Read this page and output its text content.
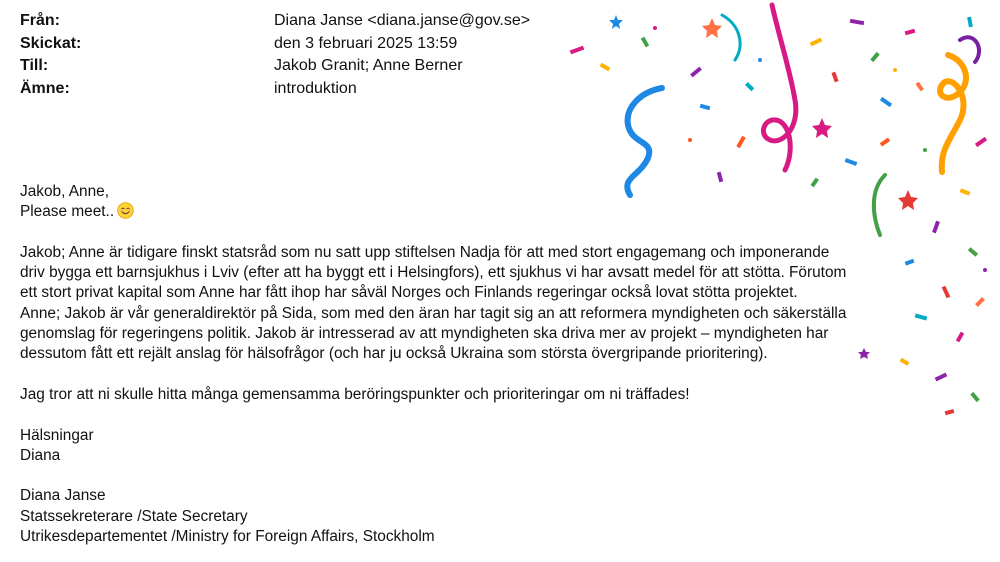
Från:	Diana Janse <diana.janse@gov.se>
Skickat:	den 3 februari 2025 13:59
Till:	Jakob Granit; Anne Berner
Ämne:	introduktion

Jakob, Anne,

Please meet..

Jakob; Anne är tidigare finskt statsråd som nu satt upp stiftelsen Nadja för att med stort engagemang och imponerande

driv bygga ett barnsjukhus i Lviv (efter att ha byggt ett i Helsingfors), ett sjukhus vi har avsatt medel för att stötta. Förutom

ett stort privat kapital som Anne har fått ihop har såväl Norges och Finlands regeringar också lovat stötta projektet.

Anne; Jakob är vår generaldirektör på Sida, som med den äran har tagit sig an att reformera myndigheten och säkerställa

genomslag för regeringens politik. Jakob är intresserad av att myndigheten ska driva mer av projekt – myndigheten har

dessutom fått ett rejält anslag för hälsofrågor (och har ju också Ukraina som största övergripande prioritering).

Jag tror att ni skulle hitta många gemensamma beröringspunkter och prioriteringar om ni träffades!

Hälsningar

Diana

Diana Janse

Statssekreterare /State Secretary

Utrikesdepartementet /Ministry for Foreign Affairs, Stockholm
